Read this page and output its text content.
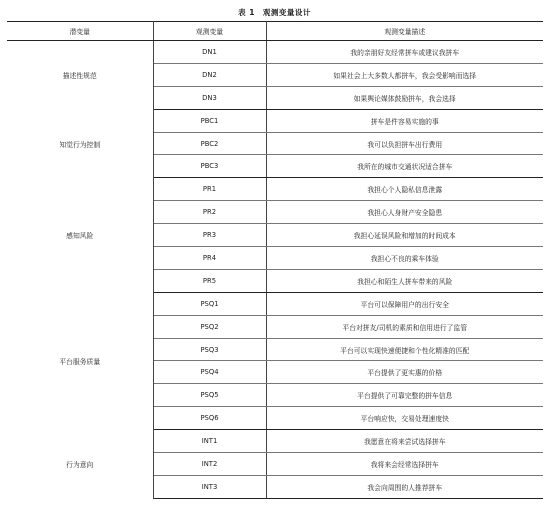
表 1　观测变量设计
潜变量	观测变量	观测变量描述
描述性规范	DN1	我的亲朋好友经常拼车或建议我拼车
	DN2	如果社会上大多数人都拼车，我会受影响而选择
	DN3	如果舆论媒体鼓励拼车，我会选择
知觉行为控制	PBC1	拼车是件容易实施的事
	PBC2	我可以负担拼车出行费用
	PBC3	我所在的城市交通状况适合拼车
感知风险	PR1	我担心个人隐私信息泄露
	PR2	我担心人身财产安全隐患
	PR3	我担心延误风险和增加的时间成本
	PR4	我担心不良的乘车体验
	PR5	我担心和陌生人拼车带来的风险
平台服务质量	PSQ1	平台可以保障用户的出行安全
	PSQ2	平台对拼友/司机的素质和信用进行了监管
	PSQ3	平台可以实现快速便捷和个性化精准的匹配
	PSQ4	平台提供了更实惠的价格
	PSQ5	平台提供了可靠完整的拼车信息
	PSQ6	平台响应快，交易处理速度快
行为意向	INT1	我愿意在将来尝试选择拼车
	INT2	我将来会经常选择拼车
	INT3	我会向周围的人推荐拼车
